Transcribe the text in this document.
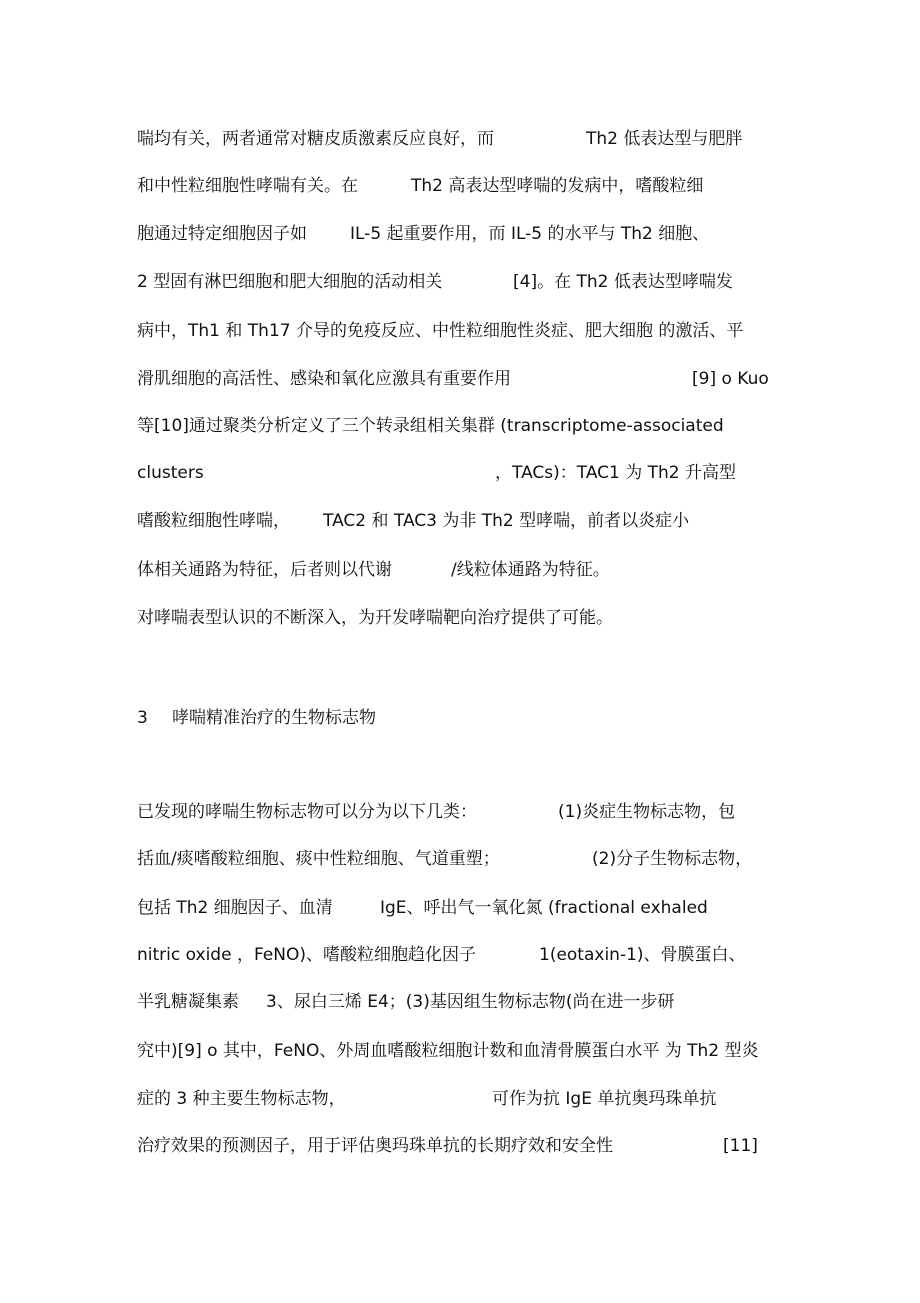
喘均有关，两者通常对糖皮质激素反应良好，而	Th2 低表达型与肥胖
和中性粒细胞性哮喘有关。在	Th2 高表达型哮喘的发病中，嗜酸粒细
胞通过特定细胞因子如	IL-5 起重要作用，而 IL-5 的水平与 Th2 细胞、
2 型固有淋巴细胞和肥大细胞的活动相关	[4]。在 Th2 低表达型哮喘发
病中，Th1 和 Th17 介导的免疫反应、中性粒细胞性炎症、肥大细胞 的激活、平
滑肌细胞的高活性、感染和氧化应激具有重要作用	[9] o Kuo
等[10]通过聚类分析定义了三个转录组相关集群 (transcriptome-associated
clusters	，TACs)：TAC1 为 Th2 升高型
嗜酸粒细胞性哮喘， TAC2 和 TAC3 为非 Th2 型哮喘，前者以炎症小
体相关通路为特征，后者则以代谢	/线粒体通路为特征。
对哮喘表型认识的不断深入，为幵发哮喘靶向治疗提供了可能。
3 哮喘精准治疗的生物标志物
已发现的哮喘生物标志物可以分为以下几类：	(1)炎症生物标志物，包
括血/痰嗜酸粒细胞、痰中性粒细胞、气道重塑；	(2)分子生物标志物，
包括 Th2 细胞因子、血清	IgE、呼出气一氧化氮 (fractional exhaled
nitric oxide ，FeNO)、嗜酸粒细胞趋化因子	1(eotaxin-1)、骨膜蛋白、
半乳糖凝集素 3、尿白三烯 E4；(3)基因组生物标志物(尚在进一步研
究中)[9] o 其中，FeNO、外周血嗜酸粒细胞计数和血清骨膜蛋白水平 为 Th2 型炎
症的 3 种主要生物标志物，	可作为抗 IgE 单抗奥玛珠单抗
治疗效果的预测因子，用于评估奥玛珠单抗的长期疗效和安全性	[11]
